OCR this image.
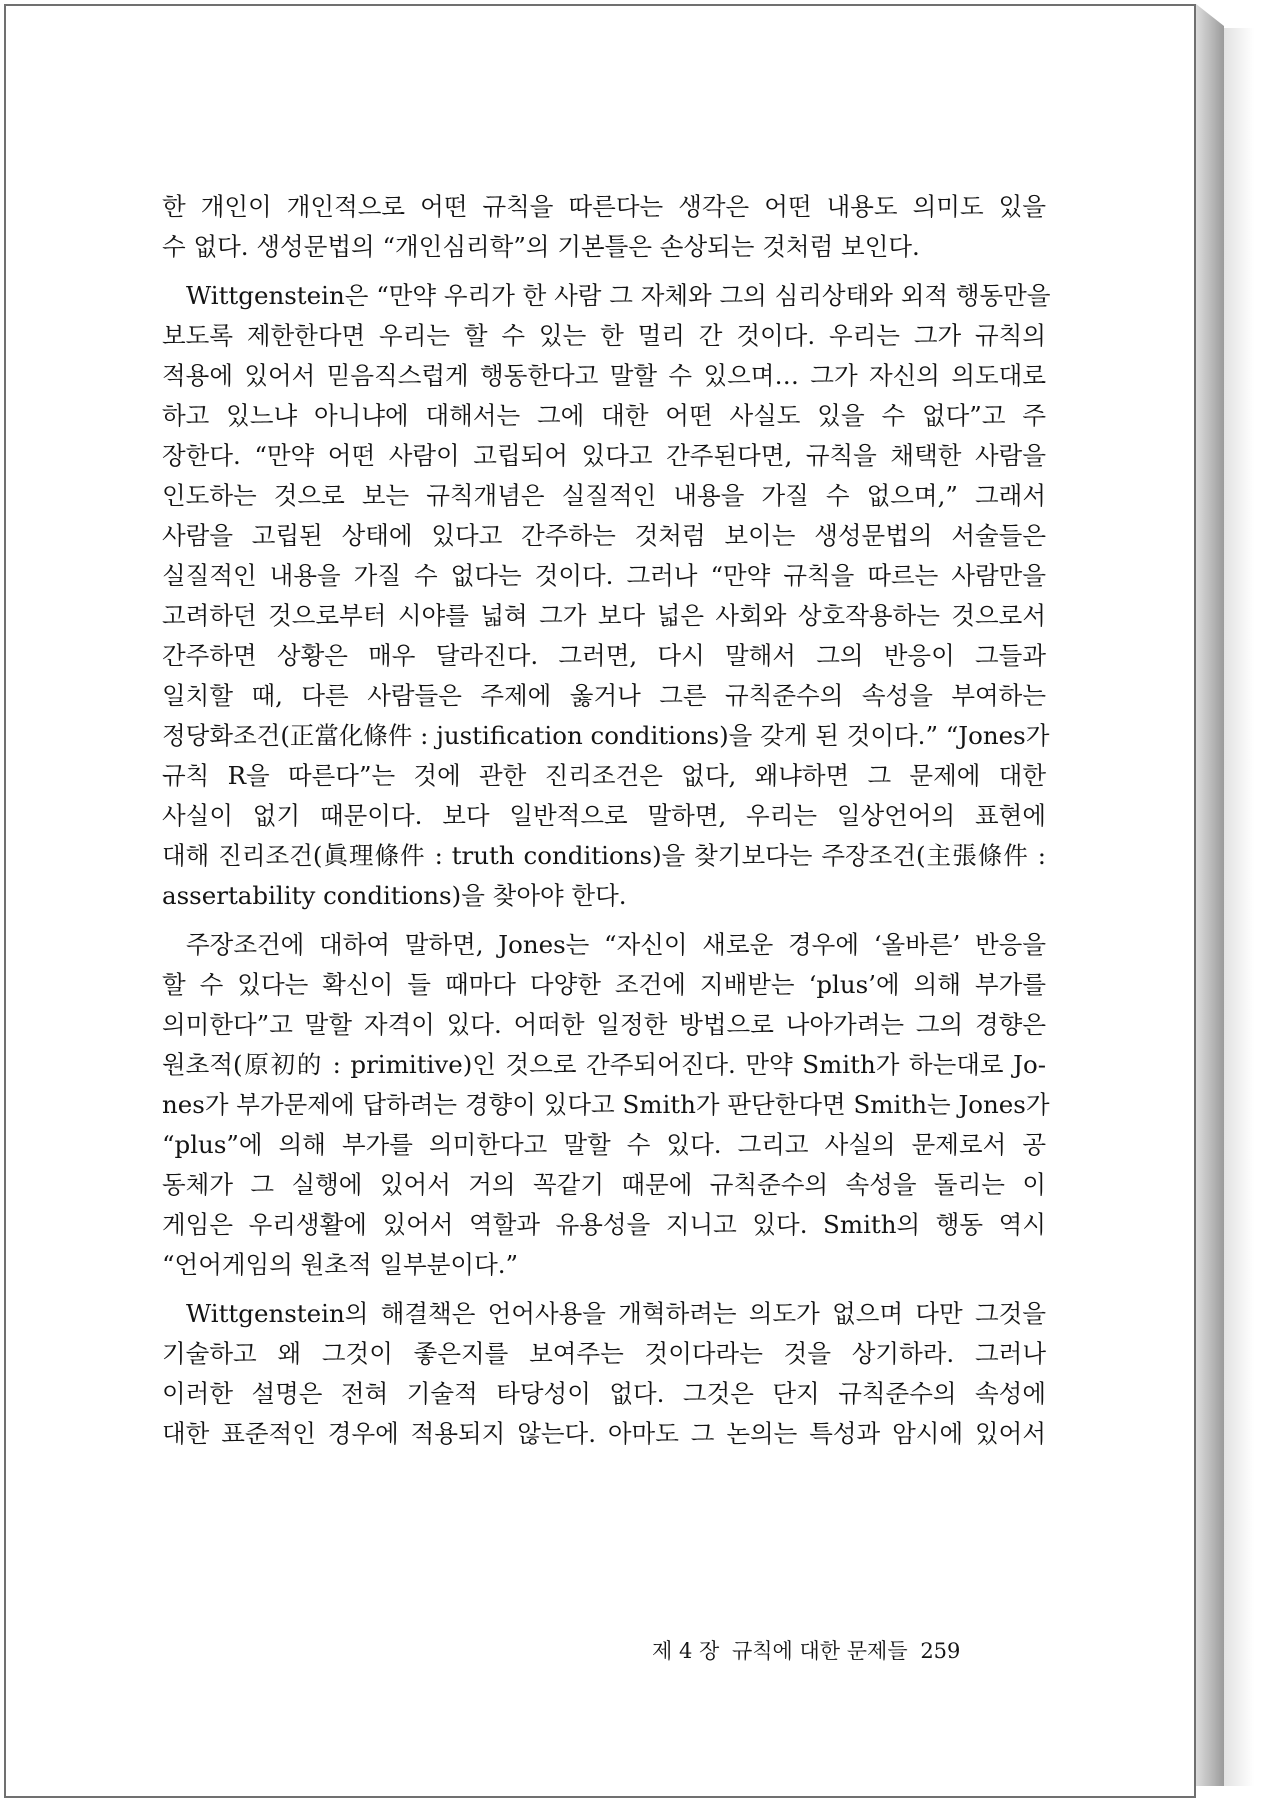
한 개인이 개인적으로 어떤 규칙을 따른다는 생각은 어떤 내용도 의미도 있을
수 없다. 생성문법의 “개인심리학”의 기본틀은 손상되는 것처럼 보인다.
Wittgenstein은 “만약 우리가 한 사람 그 자체와 그의 심리상태와 외적 행동만을
보도록 제한한다면 우리는 할 수 있는 한 멀리 간 것이다. 우리는 그가 규칙의
적용에 있어서 믿음직스럽게 행동한다고 말할 수 있으며… 그가 자신의 의도대로
하고 있느냐 아니냐에 대해서는 그에 대한 어떤 사실도 있을 수 없다”고 주
장한다. “만약 어떤 사람이 고립되어 있다고 간주된다면, 규칙을 채택한 사람을
인도하는 것으로 보는 규칙개념은 실질적인 내용을 가질 수 없으며,” 그래서
사람을 고립된 상태에 있다고 간주하는 것처럼 보이는 생성문법의 서술들은
실질적인 내용을 가질 수 없다는 것이다. 그러나 “만약 규칙을 따르는 사람만을
고려하던 것으로부터 시야를 넓혀 그가 보다 넓은 사회와 상호작용하는 것으로서
간주하면 상황은 매우 달라진다. 그러면, 다시 말해서 그의 반응이 그들과
일치할 때, 다른 사람들은 주제에 옳거나 그른 규칙준수의 속성을 부여하는
정당화조건(正當化條件 : justification conditions)을 갖게 된 것이다.” “Jones가
규칙 R을 따른다”는 것에 관한 진리조건은 없다, 왜냐하면 그 문제에 대한
사실이 없기 때문이다. 보다 일반적으로 말하면, 우리는 일상언어의 표현에
대해 진리조건(眞理條件 : truth conditions)을 찾기보다는 주장조건(主張條件 :
assertability conditions)을 찾아야 한다.
주장조건에 대하여 말하면, Jones는 “자신이 새로운 경우에 ‘올바른’ 반응을
할 수 있다는 확신이 들 때마다 다양한 조건에 지배받는 ‘plus’에 의해 부가를
의미한다”고 말할 자격이 있다. 어떠한 일정한 방법으로 나아가려는 그의 경향은
원초적(原初的 : primitive)인 것으로 간주되어진다. 만약 Smith가 하는대로 Jo-
nes가 부가문제에 답하려는 경향이 있다고 Smith가 판단한다면 Smith는 Jones가
“plus”에 의해 부가를 의미한다고 말할 수 있다. 그리고 사실의 문제로서 공
동체가 그 실행에 있어서 거의 꼭같기 때문에 규칙준수의 속성을 돌리는 이
게임은 우리생활에 있어서 역할과 유용성을 지니고 있다. Smith의 행동 역시
“언어게임의 원초적 일부분이다.”
Wittgenstein의 해결책은 언어사용을 개혁하려는 의도가 없으며 다만 그것을
기술하고 왜 그것이 좋은지를 보여주는 것이다라는 것을 상기하라. 그러나
이러한 설명은 전혀 기술적 타당성이 없다. 그것은 단지 규칙준수의 속성에
대한 표준적인 경우에 적용되지 않는다. 아마도 그 논의는 특성과 암시에 있어서
제 4 장 규칙에 대한 문제들 259
